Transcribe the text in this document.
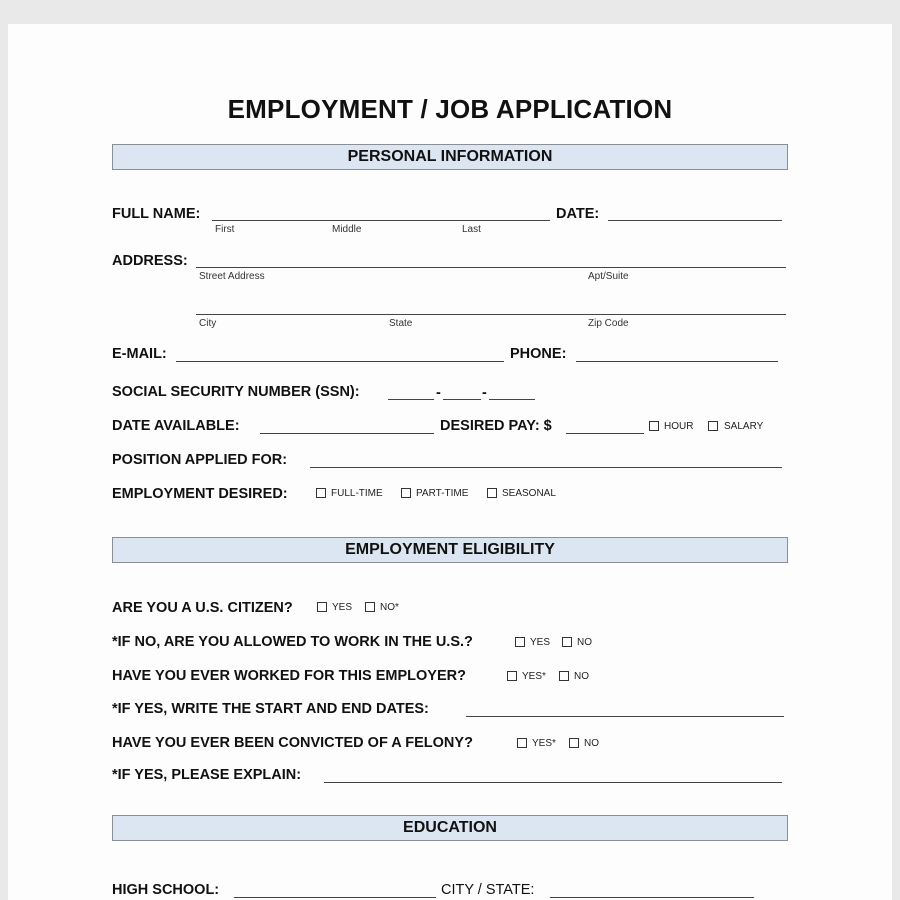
EMPLOYMENT / JOB APPLICATION
PERSONAL INFORMATION
FULL NAME:
First	Middle	Last
DATE:
ADDRESS:
Street Address	Apt/Suite
City	State	Zip Code
E-MAIL:	PHONE:
SOCIAL SECURITY NUMBER (SSN):	-	-
DATE AVAILABLE:	DESIRED PAY: $	HOUR	SALARY
POSITION APPLIED FOR:
EMPLOYMENT DESIRED:	FULL-TIME	PART-TIME	SEASONAL
EMPLOYMENT ELIGIBILITY
ARE YOU A U.S. CITIZEN?	YES	NO*
*IF NO, ARE YOU ALLOWED TO WORK IN THE U.S.?	YES	NO
HAVE YOU EVER WORKED FOR THIS EMPLOYER?	YES*	NO
*IF YES, WRITE THE START AND END DATES:
HAVE YOU EVER BEEN CONVICTED OF A FELONY?	YES*	NO
*IF YES, PLEASE EXPLAIN:
EDUCATION
HIGH SCHOOL:	CITY / STATE:
